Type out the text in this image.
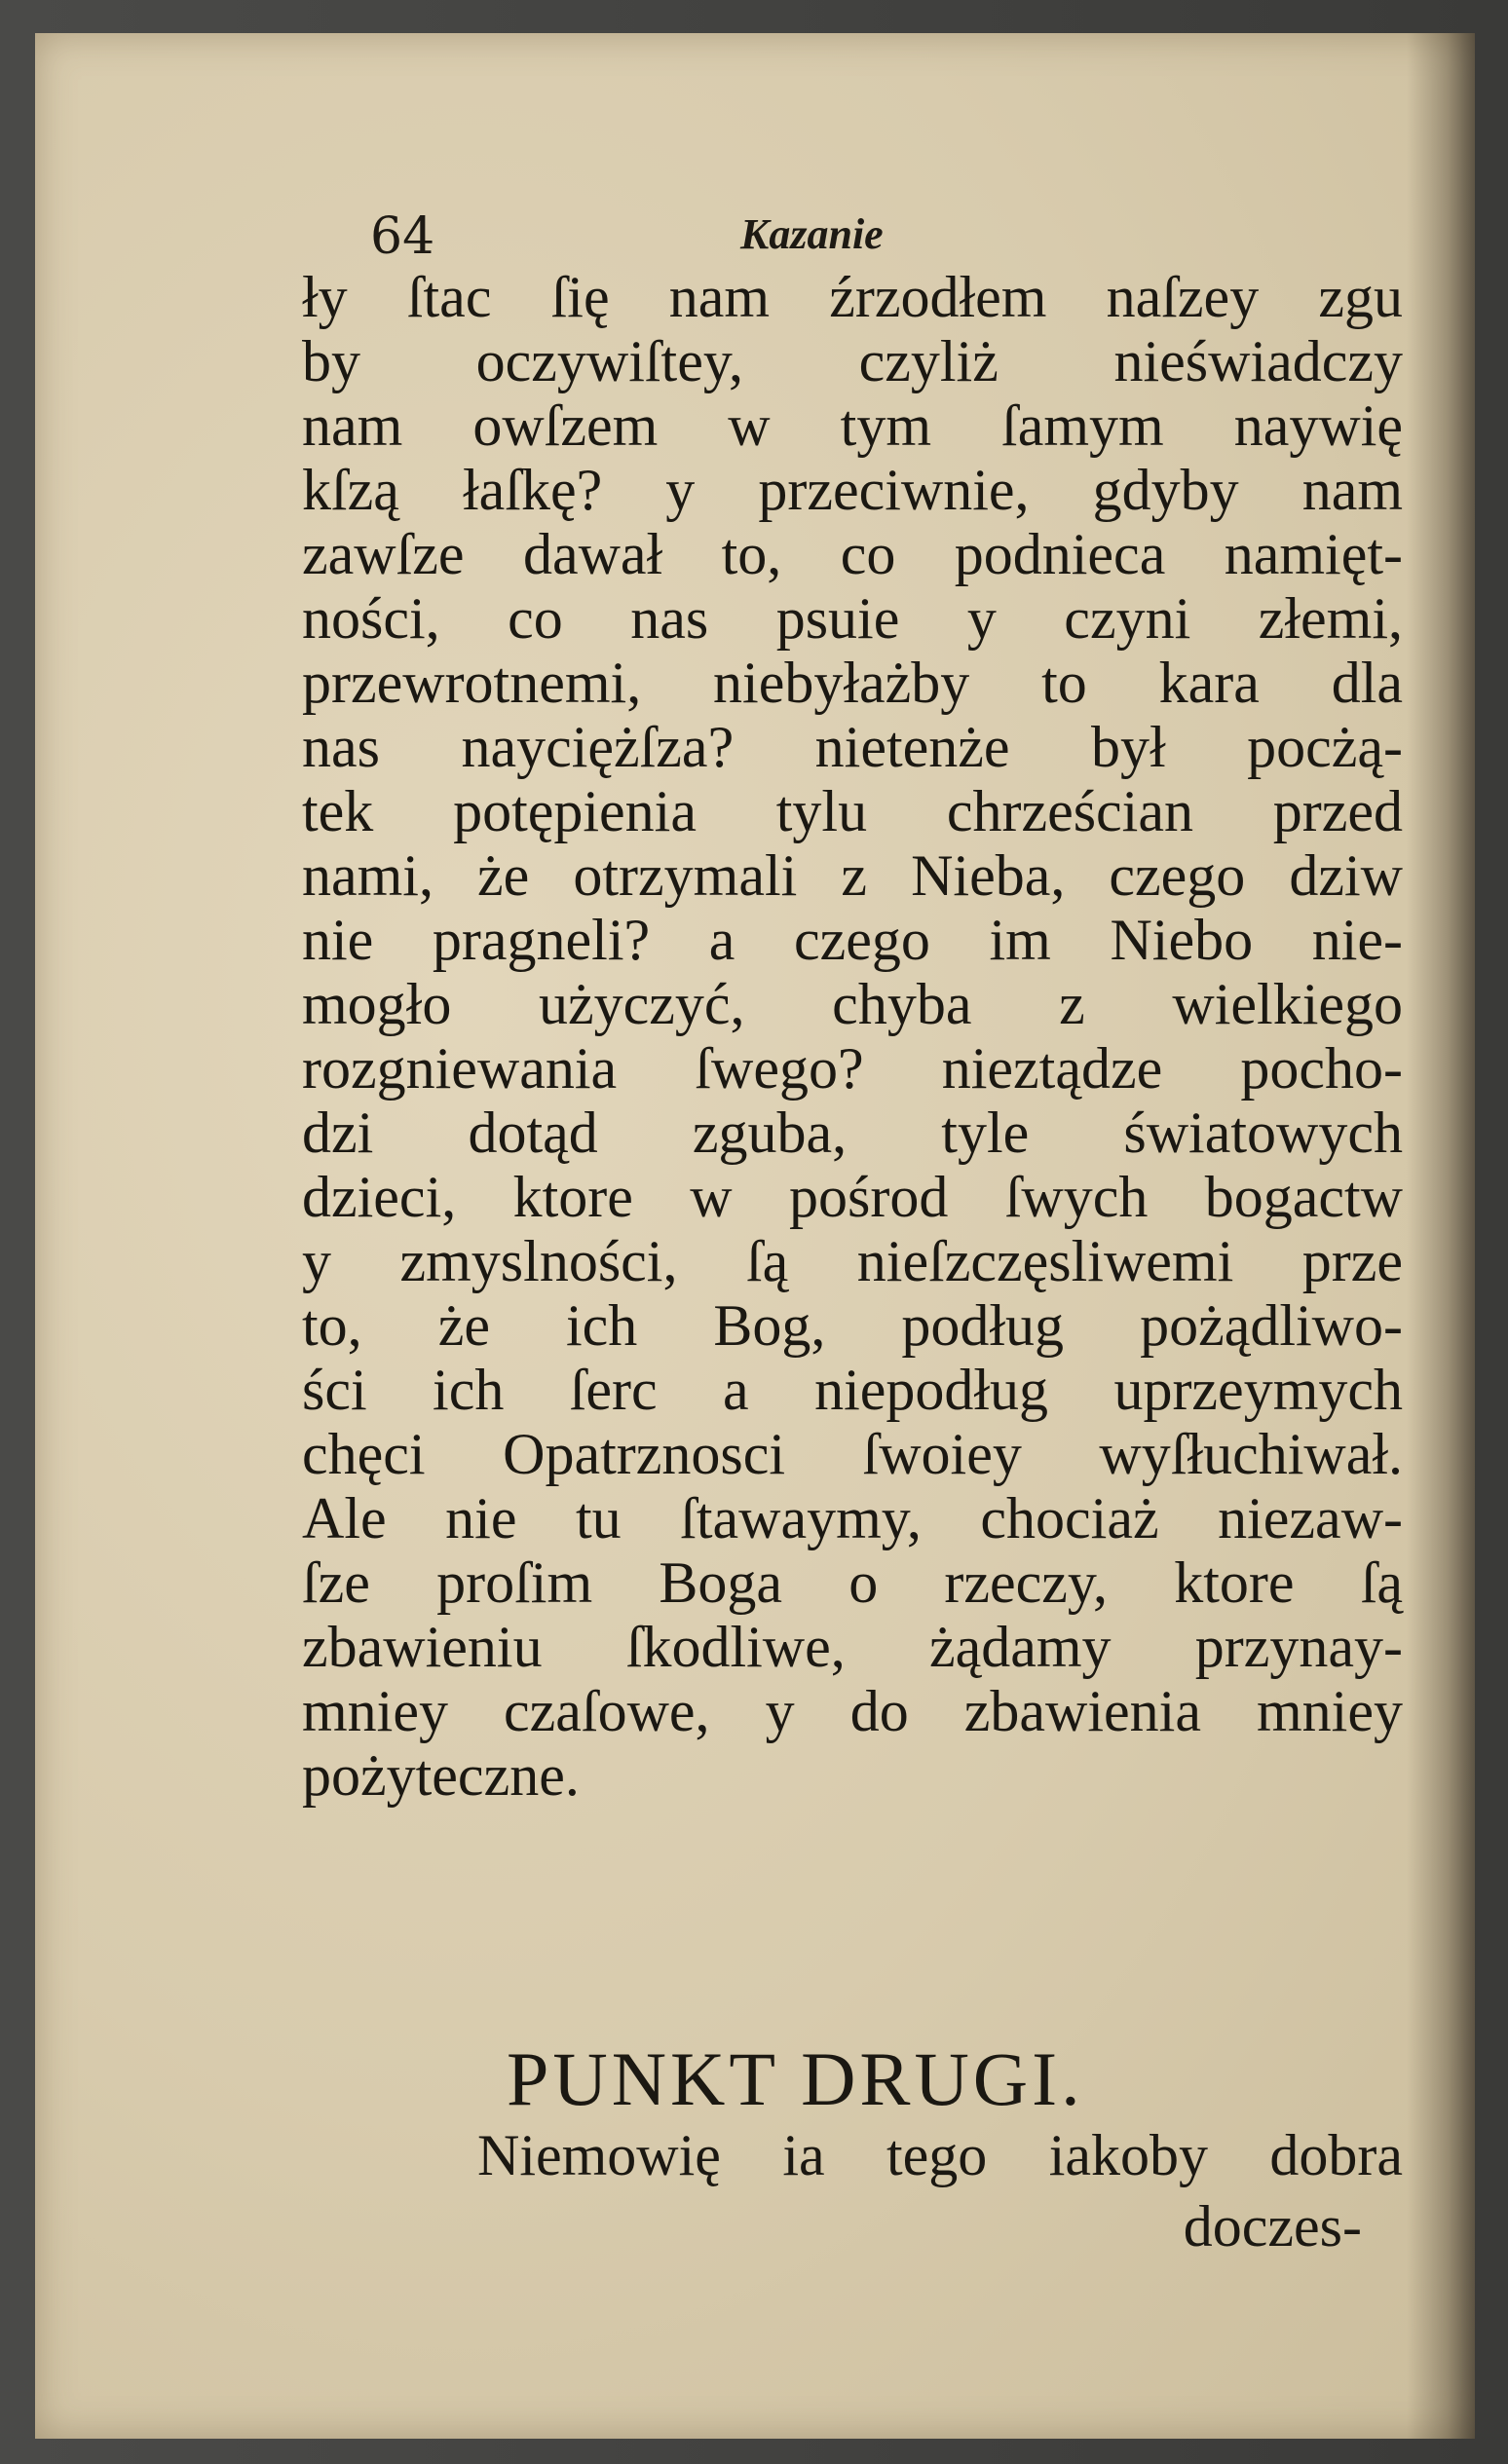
64	Kazanie
ły ſtac ſię nam źrzodłem naſzey zgu
by oczywiſtey, czyliż nieświadczy
nam owſzem w tym ſamym naywię
kſzą łaſkę? y przeciwnie, gdyby nam
zawſze dawał to, co podnieca namięt-
ności, co nas psuie y czyni złemi,
przewrotnemi, niebyłażby to kara dla
nas nayciężſza? nietenże był pocżą-
tek potępienia tylu chrześcian przed
nami, że otrzymali z Nieba, czego dziw
nie pragneli? a czego im Niebo nie-
mogło użyczyć, chyba z wielkiego
rozgniewania ſwego? nieztądze pocho-
dzi dotąd zguba, tyle światowych
dzieci, ktore w pośrod ſwych bogactw
y zmyslności, ſą nieſzczęsliwemi prze
to, że ich Bog, podług pożądliwo-
ści ich ſerc a niepodług uprzeymych
chęci Opatrznosci ſwoiey wyſłuchiwał.
Ale nie tu ſtawaymy, chociaż niezaw-
ſze proſim Boga o rzeczy, ktore ſą
zbawieniu ſkodliwe, żądamy przynay-
mniey czaſowe, y do zbawienia mniey
pożyteczne.
PUNKT DRUGI.
Niemowię ia tego iakoby dobra
doczes-
